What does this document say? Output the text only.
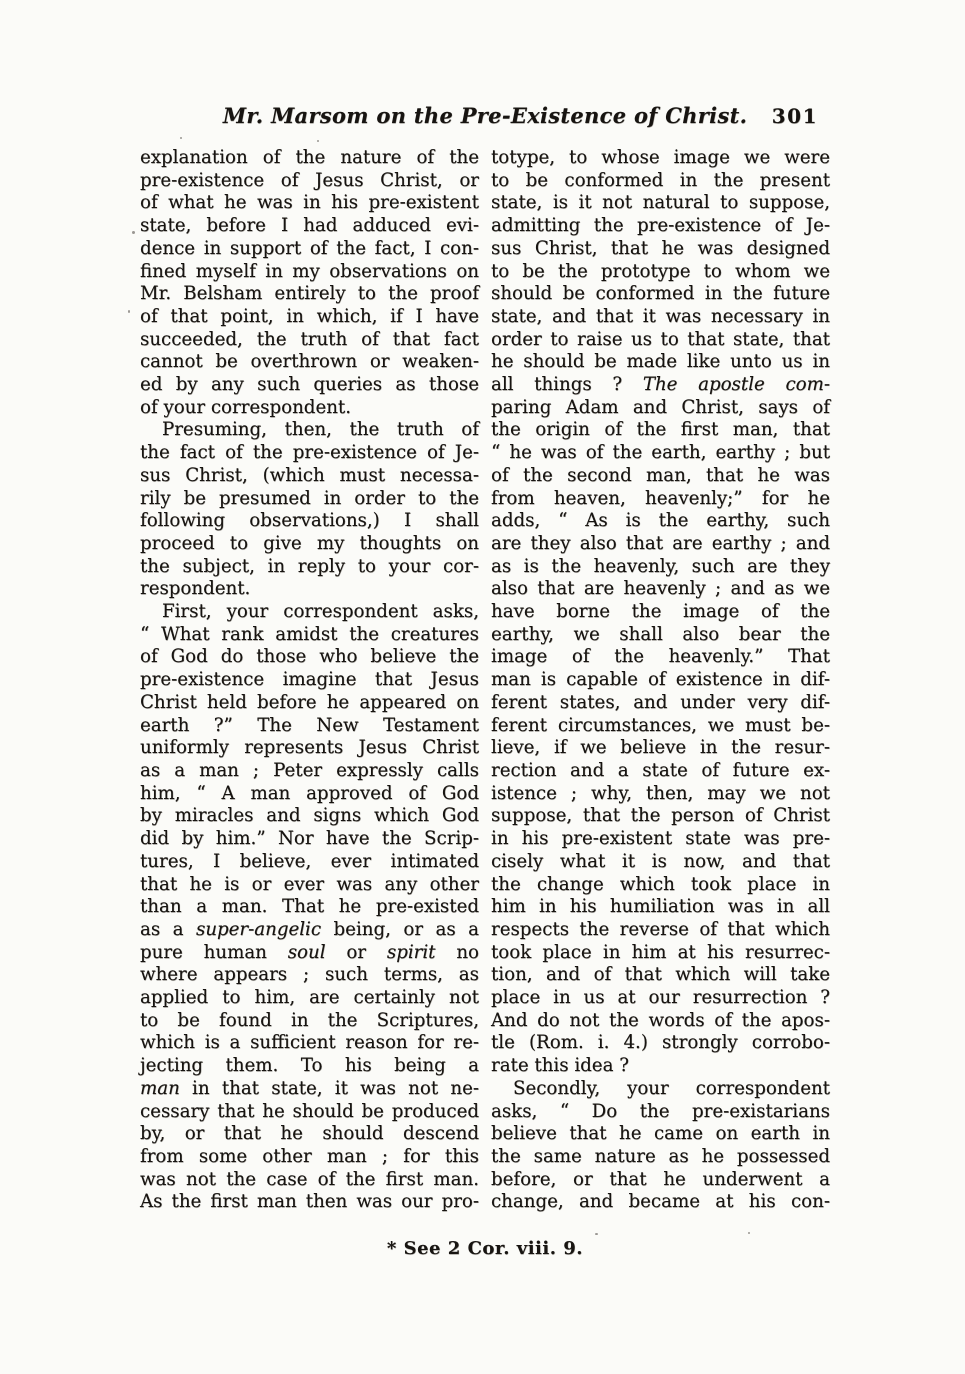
Mr. Marsom on the Pre-Existence of Christ.	301
explanation of the nature of the
pre-existence of Jesus Christ, or
of what he was in his pre-existent
state, before I had adduced evi-
dence in support of the fact, I con-
fined myself in my observations on
Mr. Belsham entirely to the proof
of that point, in which, if I have
succeeded, the truth of that fact
cannot be overthrown or weaken-
ed by any such queries as those
of your correspondent.
Presuming, then, the truth of
the fact of the pre-existence of Je-
sus Christ, (which must necessa-
rily be presumed in order to the
following observations,) I shall
proceed to give my thoughts on
the subject, in reply to your cor-
respondent.
First, your correspondent asks,
“ What rank amidst the creatures
of God do those who believe the
pre-existence imagine that Jesus
Christ held before he appeared on
earth ?” The New Testament
uniformly represents Jesus Christ
as a man ; Peter expressly calls
him, “ A man approved of God
by miracles and signs which God
did by him.” Nor have the Scrip-
tures, I believe, ever intimated
that he is or ever was any other
than a man. That he pre-existed
as a super-angelic being, or as a
pure human soul or spirit no
where appears ; such terms, as
applied to him, are certainly not
to be found in the Scriptures,
which is a sufficient reason for re-
jecting them. To his being a
man in that state, it was not ne-
cessary that he should be produced
by, or that he should descend
from some other man ; for this
was not the case of the first man.
As the first man then was our pro-
totype, to whose image we were
to be conformed in the present
state, is it not natural to suppose,
admitting the pre-existence of Je-
sus Christ, that he was designed
to be the prototype to whom we
should be conformed in the future
state, and that it was necessary in
order to raise us to that state, that
he should be made like unto us in
all things ? The apostle com-
paring Adam and Christ, says of
the origin of the first man, that
“ he was of the earth, earthy ; but
of the second man, that he was
from heaven, heavenly;” for he
adds, “ As is the earthy, such
are they also that are earthy ; and
as is the heavenly, such are they
also that are heavenly ; and as we
have borne the image of the
earthy, we shall also bear the
image of the heavenly.” That
man is capable of existence in dif-
ferent states, and under very dif-
ferent circumstances, we must be-
lieve, if we believe in the resur-
rection and a state of future ex-
istence ; why, then, may we not
suppose, that the person of Christ
in his pre-existent state was pre-
cisely what it is now, and that
the change which took place in
him in his humiliation was in all
respects the reverse of that which
took place in him at his resurrec-
tion, and of that which will take
place in us at our resurrection ?
And do not the words of the apos-
tle (Rom. i. 4.) strongly corrobo-
rate this idea ?
Secondly, your correspondent
asks, “ Do the pre-existarians
believe that he came on earth in
the same nature as he possessed
before, or that he underwent a
change, and became at his con-
* See 2 Cor. viii. 9.
